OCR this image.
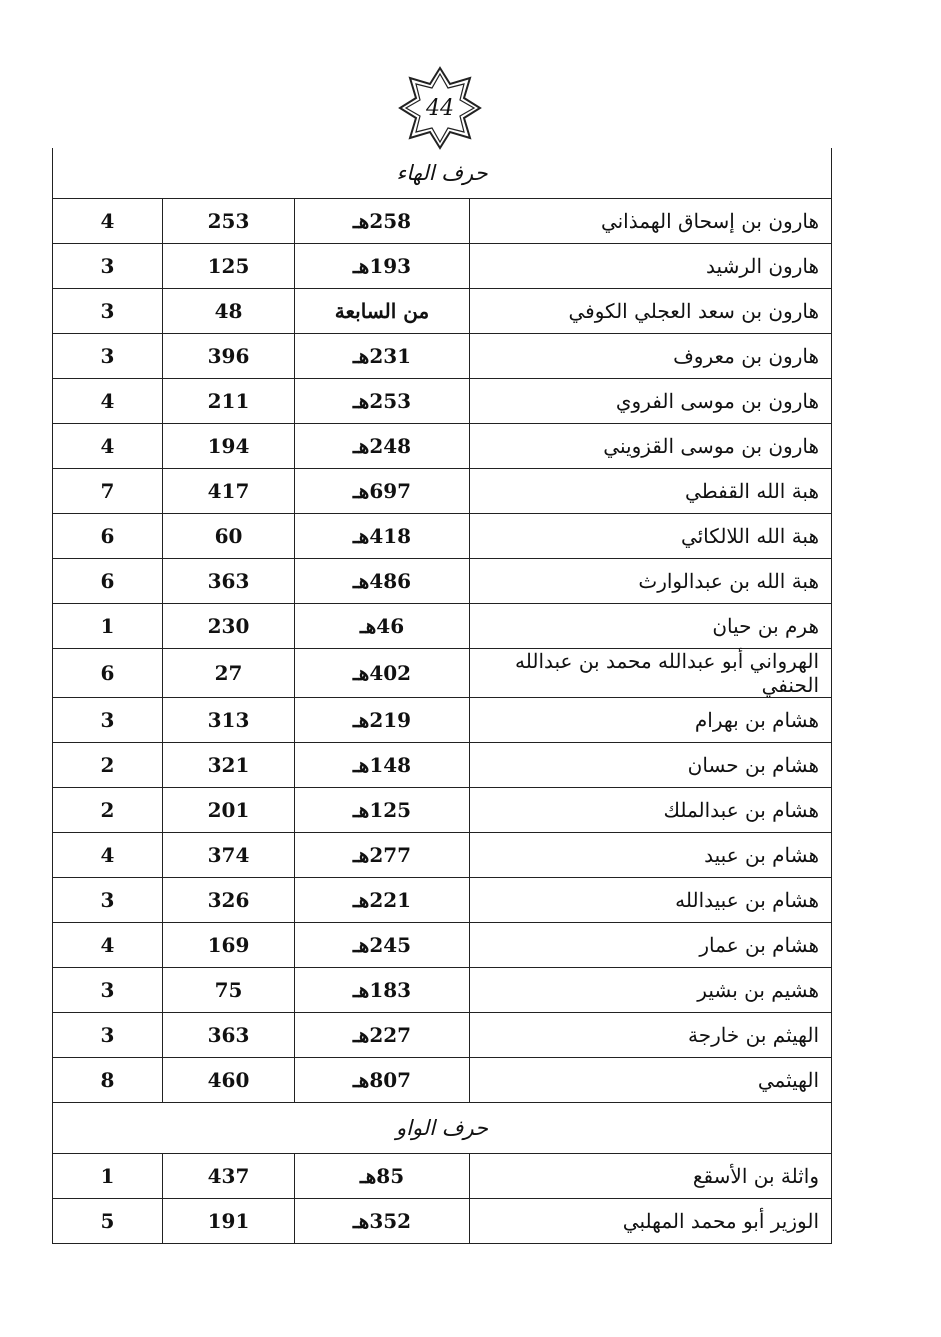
44
حرف الهاء			
4	253	258هـ	هارون بن إسحاق الهمذاني
3	125	193هـ	هارون الرشيد
3	48	من السابعة	هارون بن سعد العجلي الكوفي
3	396	231هـ	هارون بن معروف
4	211	253هـ	هارون بن موسى الفروي
4	194	248هـ	هارون بن موسى القزويني
7	417	697هـ	هبة الله القفطي
6	60	418هـ	هبة الله اللالكائي
6	363	486هـ	هبة الله بن عبدالوارث
1	230	46هـ	هرم بن حيان
6	27	402هـ	الهرواني أبو عبدالله محمد بن عبدالله الحنفي
3	313	219هـ	هشام بن بهرام
2	321	148هـ	هشام بن حسان
2	201	125هـ	هشام بن عبدالملك
4	374	277هـ	هشام بن عبيد
3	326	221هـ	هشام بن عبيدالله
4	169	245هـ	هشام بن عمار
3	75	183هـ	هشيم بن بشير
3	363	227هـ	الهيثم بن خارجة
8	460	807هـ	الهيثمي
حرف الواو			
1	437	85هـ	واثلة بن الأسقع
5	191	352هـ	الوزير أبو محمد المهلبي
